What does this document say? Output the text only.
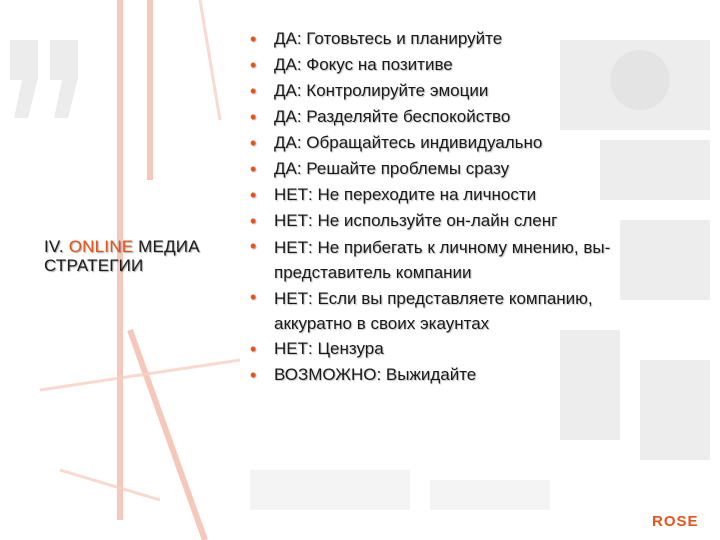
IV. ONLINE МЕДИА
СТРАТЕГИИ
• ДА: Готовьтесь и планируйте
• ДА: Фокус на позитиве
• ДА: Контролируйте эмоции
• ДА: Разделяйте беспокойство
• ДА: Обращайтесь индивидуально
• ДА: Решайте проблемы сразу
• НЕТ: Не переходите на личности
• НЕТ: Не используйте он-лайн сленг
• НЕТ: Не прибегать к личному мнению, вы-
представитель компании
• НЕТ: Если вы представляете компанию,
аккуратно в своих экаунтах
• НЕТ: Цензура
• ВОЗМОЖНО: Выжидайте
ROSE
